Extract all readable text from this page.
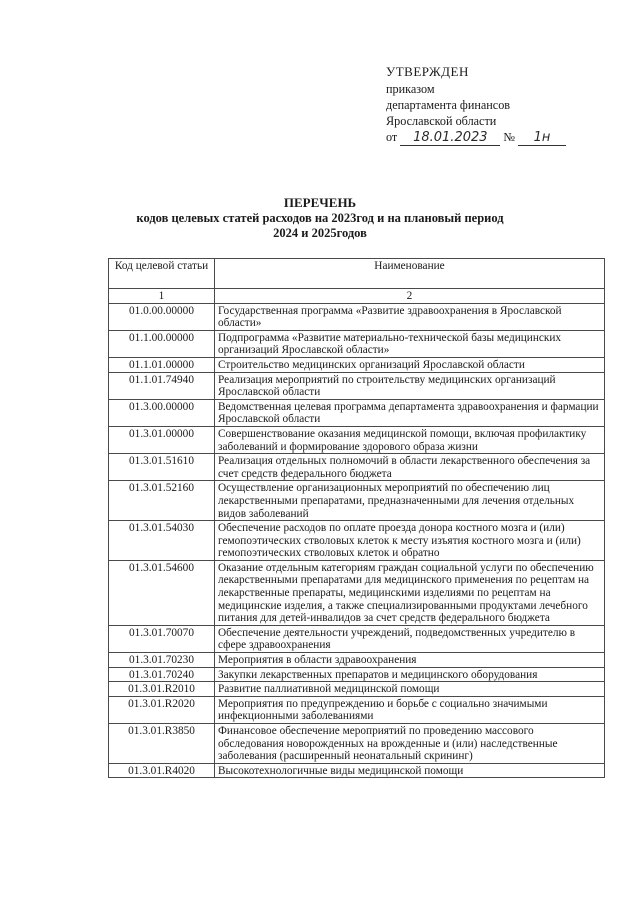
УТВЕРЖДЕН
приказом
департамента финансов
Ярославской области
от 18.01.2023 № 1н
ПЕРЕЧЕНЬ
кодов целевых статей расходов на 2023год и на плановый период
2024 и 2025годов
Код целевой статьи	Наименование
1	2
01.0.00.00000	Государственная программа «Развитие здравоохранения в Ярославской области»
01.1.00.00000	Подпрограмма «Развитие материально-технической базы медицинских организаций Ярославской области»
01.1.01.00000	Строительство медицинских организаций Ярославской области
01.1.01.74940	Реализация мероприятий по строительству медицинских организаций Ярославской области
01.3.00.00000	Ведомственная целевая программа департамента здравоохранения и фармации Ярославской области
01.3.01.00000	Совершенствование оказания медицинской помощи, включая профилактику заболеваний и формирование здорового образа жизни
01.3.01.51610	Реализация отдельных полномочий в области лекарственного обеспечения за счет средств федерального бюджета
01.3.01.52160	Осуществление организационных мероприятий по обеспечению лиц лекарственными препаратами, предназначенными для лечения отдельных видов заболеваний
01.3.01.54030	Обеспечение расходов по оплате проезда донора костного мозга и (или) гемопоэтических стволовых клеток к месту изъятия костного мозга и (или) гемопоэтических стволовых клеток и обратно
01.3.01.54600	Оказание отдельным категориям граждан социальной услуги по обеспечению лекарственными препаратами для медицинского применения по рецептам на лекарственные препараты, медицинскими изделиями по рецептам на медицинские изделия, а также специализированными продуктами лечебного питания для детей-инвалидов за счет средств федерального бюджета
01.3.01.70070	Обеспечение деятельности учреждений, подведомственных учредителю в сфере здравоохранения
01.3.01.70230	Мероприятия в области здравоохранения
01.3.01.70240	Закупки лекарственных препаратов и медицинского оборудования
01.3.01.R2010	Развитие паллиативной медицинской помощи
01.3.01.R2020	Мероприятия по предупреждению и борьбе с социально значимыми инфекционными заболеваниями
01.3.01.R3850	Финансовое обеспечение мероприятий по проведению массового обследования новорожденных на врожденные и (или) наследственные заболевания (расширенный неонатальный скрининг)
01.3.01.R4020	Высокотехнологичные виды медицинской помощи
